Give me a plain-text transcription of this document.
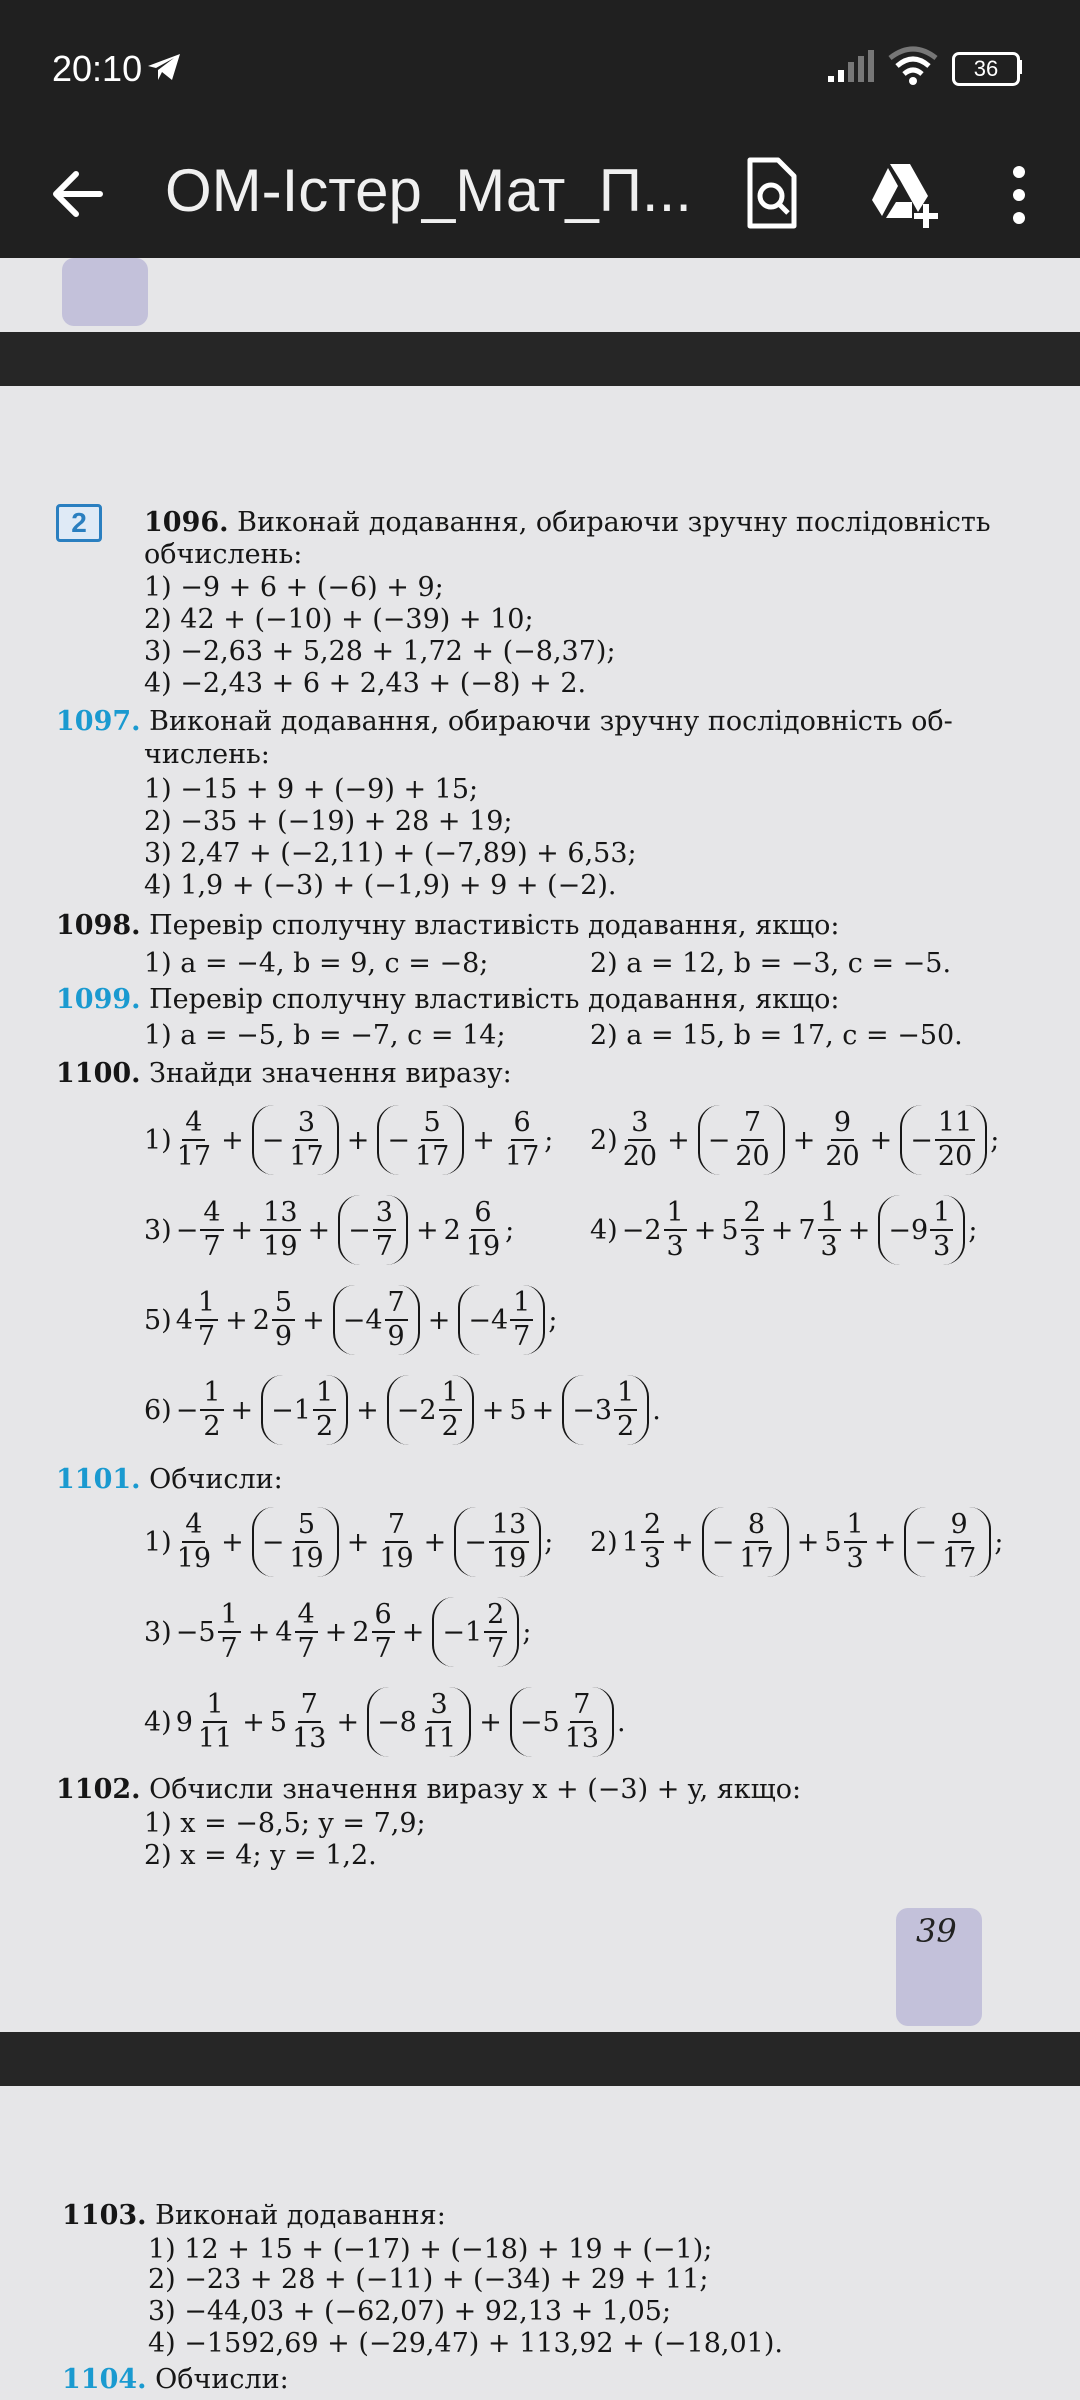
20:10	36
ОМ-Істер_Мат_П...
2	1096. Виконай додавання, обираючи зручну послідовність
обчислень:
1) −9 + 6 + (−6) + 9;
2) 42 + (−10) + (−39) + 10;
3) −2,63 + 5,28 + 1,72 + (−8,37);
4) −2,43 + 6 + 2,43 + (−8) + 2.
1097. Виконай додавання, обираючи зручну послідовність об-
числень:
1) −15 + 9 + (−9) + 15;
2) −35 + (−19) + 28 + 19;
3) 2,47 + (−2,11) + (−7,89) + 6,53;
4) 1,9 + (−3) + (−1,9) + 9 + (−2).
1098. Перевір сполучну властивість додавання, якщо:
1) a = −4, b = 9, c = −8;	2) a = 12, b = −3, c = −5.
1099. Перевір сполучну властивість додавання, якщо:
1) a = −5, b = −7, c = 14;	2) a = 15, b = 17, c = −50.
1100. Знайди значення виразу:
1)
4
17
+ − $\frac{3}{17}$ + − $\frac{5}{17} + \frac{6}{17}$ ; 2)
3
20
+ − $\frac{7}{20} + \frac{9}{20}$ + − $\frac{11}{20}$ ;
$3) - \frac{4}{7} + \frac{13}{19}$ + − $\frac{3}{7} + 2$
6
19
;	4) −2
1
3
+ 5
2
3
+ 7
1
3
+ −9
1
3
;
5) 4
1
7
+ 2
5
9
+ −4
7
9
+ −4
1
7
;
$6) - \frac{1}{2} + -1$
1
2
+ −2
1
2
+ 5 + −3
1
2
.
1101. Обчисли:
1)
4
19
+ − $\frac{5}{19} + \frac{7}{19}$ + − $\frac{13}{19}$ ; 2) 1
2
3
+ − $\frac{8}{17} + 5$
1
3
+ − $\frac{9}{17}$ ;
3) −5
1
7
+ 4
4
7
+ 2
6
7
+ −1
2
7
;
4) 9
1
11
+ 5
7
13
+ −8
3
11
+ −5
7
13
.
1102. Обчисли значення виразу x + (−3) + y, якщо:
1) x = −8,5; y = 7,9;
2) x = 4; y = 1,2.
39
1103. Виконай додавання:
1) 12 + 15 + (−17) + (−18) + 19 + (−1);
2) −23 + 28 + (−11) + (−34) + 29 + 11;
3) −44,03 + (−62,07) + 92,13 + 1,05;
4) −1592,69 + (−29,47) + 113,92 + (−18,01).
1104. Обчисли:
